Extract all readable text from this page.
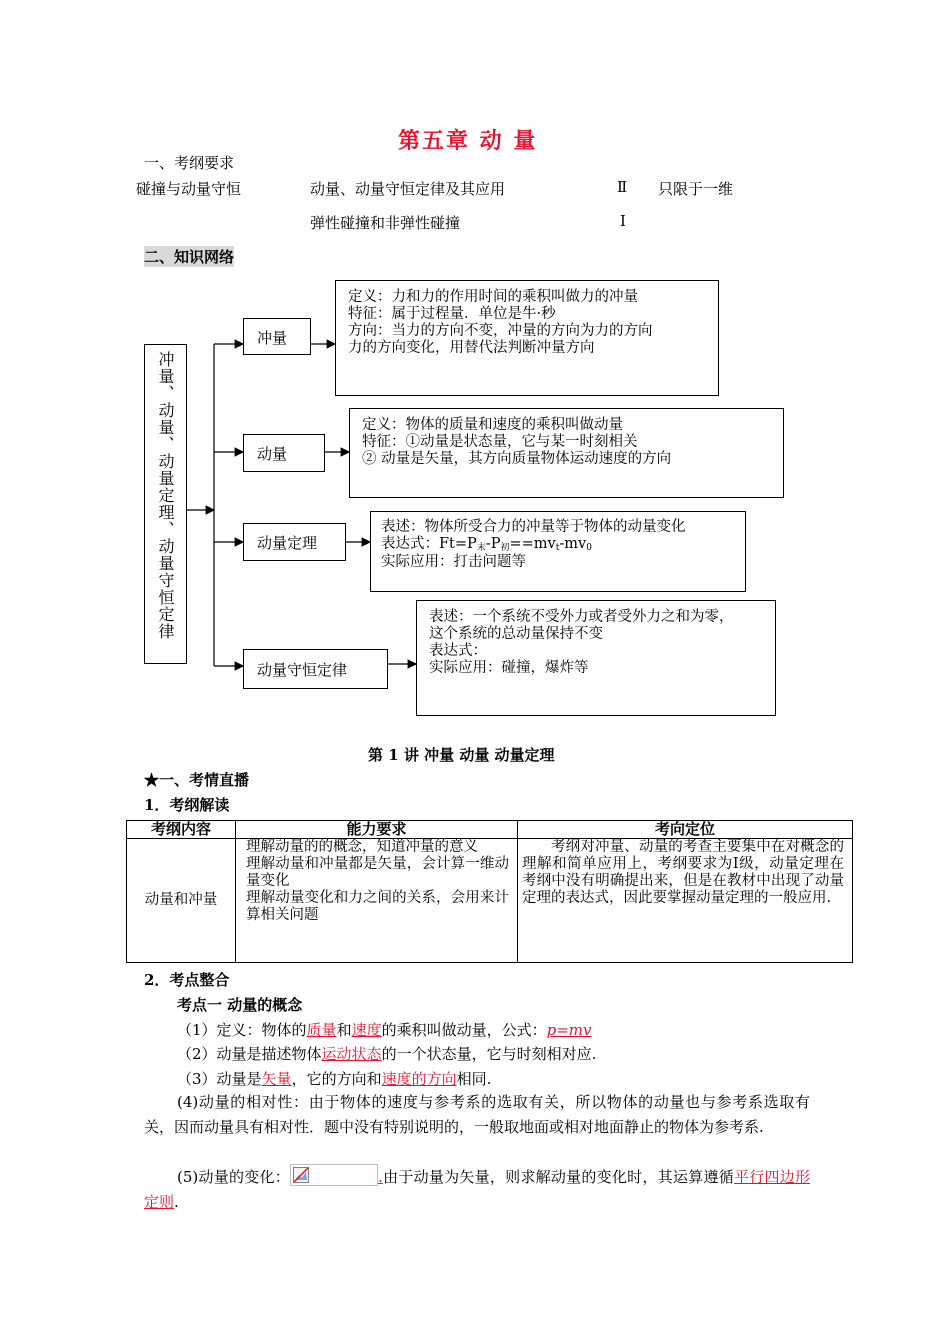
第五章 动 量
一、考纲要求
碰撞与动量守恒	动量、动量守恒定律及其应用	Ⅱ 只限于一维
弹性碰撞和非弹性碰撞	Ⅰ
二、知识网络
冲量、动量、动量定理、动量守恒定律
冲量
定义：力和力的作用时间的乘积叫做力的冲量
特征：属于过程量．单位是牛·秒
方向：当力的方向不变，冲量的方向为力的方向
力的方向变化，用替代法判断冲量方向
动量
定义：物体的质量和速度的乘积叫做动量
特征：①动量是状态量，它与某一时刻相关
② 动量是矢量，其方向质量物体运动速度的方向
动量定理
表述：物体所受合力的冲量等于物体的动量变化
表达式：$Ft=P_末-P_初==mv_t-mv_0$
实际应用：打击问题等
动量守恒定律
表述：一个系统不受外力或者受外力之和为零，
这个系统的总动量保持不变
表达式：
实际应用：碰撞，爆炸等
第 1 讲 冲量 动量 动量定理
★一、考情直播
1．考纲解读
考纲内容	能力要求	考向定位
动量和冲量	理解动量的的概念，知道冲量的意义
理解动量和冲量都是矢量，会计算一维动量变化
理解动量变化和力之间的关系，会用来计算相关问题	考纲对冲量、动量的考查主要集中在对概念的理解和简单应用上，考纲要求为Ⅰ级，动量定理在考纲中没有明确提出来，但是在教材中出现了动量定理的表达式，因此要掌握动量定理的一般应用.
2．考点整合
考点一 动量的概念
（1）定义：物体的质量和速度的乘积叫做动量，公式：p=mv
（2）动量是描述物体运动状态的一个状态量，它与时刻相对应.
（3）动量是矢量，它的方向和速度的方向相同.
(4)动量的相对性：由于物体的速度与参考系的选取有关，所以物体的动量也与参考系选取有关，因而动量具有相对性．题中没有特别说明的，一般取地面或相对地面静止的物体为参考系.
(5)动量的变化：	.由于动量为矢量，则求解动量的变化时，其运算遵循平行四边形定则.
